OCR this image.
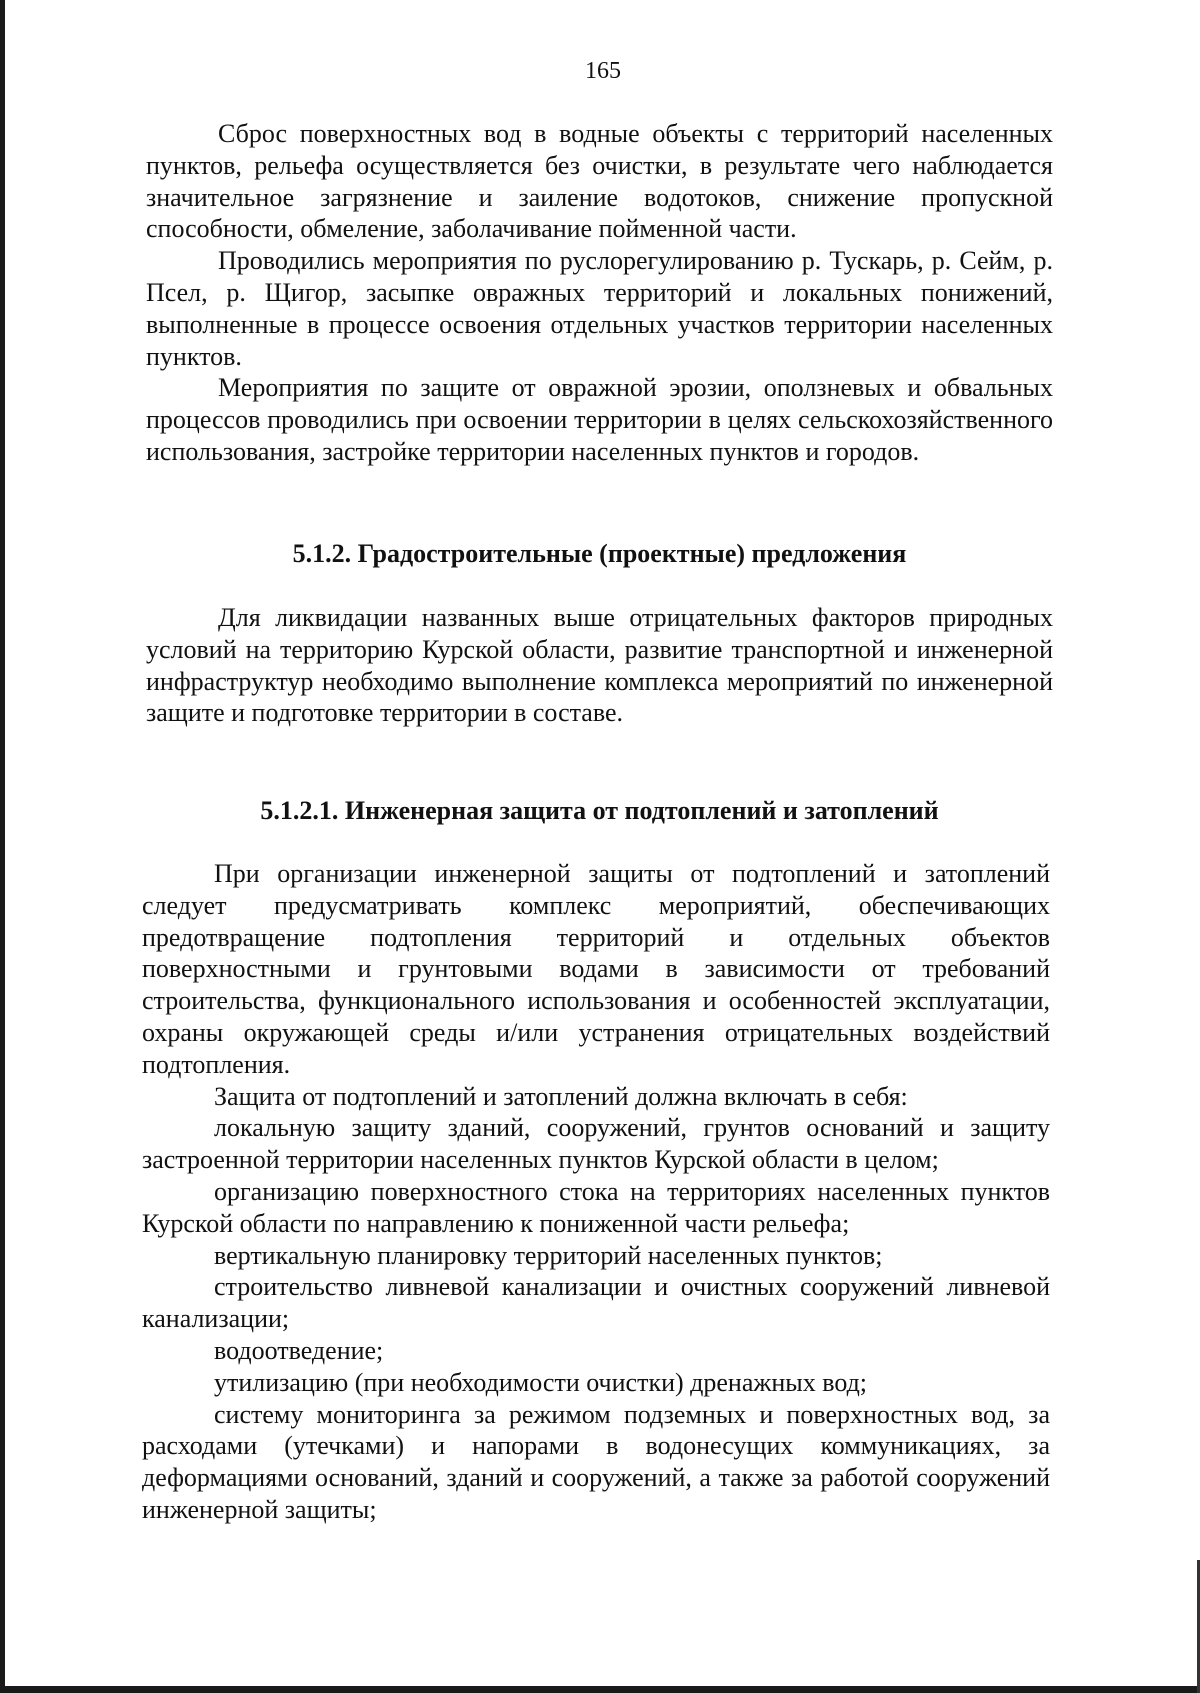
165

Сброс поверхностных вод в водные объекты с территорий населенных пунктов, рельефа осуществляется без очистки, в результате чего наблюдается значительное загрязнение и заиление водотоков, снижение пропускной способности, обмеление, заболачивание пойменной части.

Проводились мероприятия по руслорегулированию р. Тускарь, р. Сейм, р. Псел, р. Щигор, засыпке овражных территорий и локальных понижений, выполненные в процессе освоения отдельных участков территории населенных пунктов.

Мероприятия по защите от овражной эрозии, оползневых и обвальных процессов проводились при освоении территории в целях сельскохозяйственного использования, застройке территории населенных пунктов и городов.

5.1.2. Градостроительные (проектные) предложения

Для ликвидации названных выше отрицательных факторов природных условий на территорию Курской области, развитие транспортной и инженерной инфраструктур необходимо выполнение комплекса мероприятий по инженерной защите и подготовке территории в составе.

5.1.2.1. Инженерная защита от подтоплений и затоплений

При организации инженерной защиты от подтоплений и затоплений следует предусматривать комплекс мероприятий, обеспечивающих предотвращение подтопления территорий и отдельных объектов поверхностными и грунтовыми водами в зависимости от требований строительства, функционального использования и особенностей эксплуатации, охраны окружающей среды и/или устранения отрицательных воздействий подтопления.

Защита от подтоплений и затоплений должна включать в себя:

локальную защиту зданий, сооружений, грунтов оснований и защиту застроенной территории населенных пунктов Курской области в целом;

организацию поверхностного стока на территориях населенных пунктов Курской области по направлению к пониженной части рельефа;

вертикальную планировку территорий населенных пунктов;

строительство ливневой канализации и очистных сооружений ливневой канализации;

водоотведение;

утилизацию (при необходимости очистки) дренажных вод;

систему мониторинга за режимом подземных и поверхностных вод, за расходами (утечками) и напорами в водонесущих коммуникациях, за деформациями оснований, зданий и сооружений, а также за работой сооружений инженерной защиты;
